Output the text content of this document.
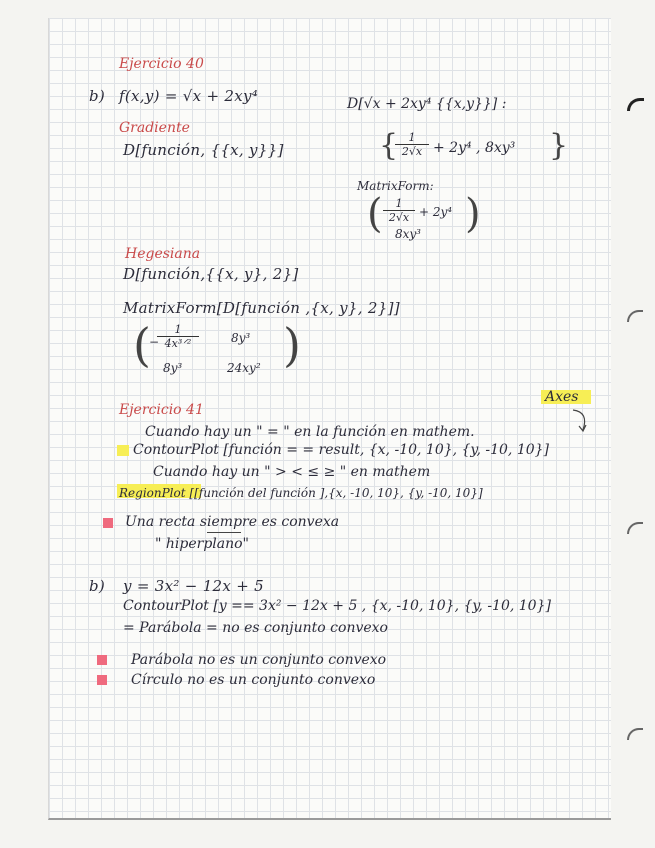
Ejercicio 40
b) f(x,y) = √x + 2xy⁴	D[√x + 2xy⁴ {{x,y}}] :
Gradiente
D[función, {{x, y}}]	{
$\frac{1}{2√x} + 2y^4$ , 8xy³ }
MatrixForm:
( $\frac{1}{2√x} + 2y^4$
8xy³ )
Hegesiana
D[función,{{x, y}, 2}]
MatrixForm[D[función ,{x, y}, 2}]]
(
−
1
4x³ᐟ²	8y³
8y³	24xy² )
Ejercicio 41
Axes
Cuando hay un " = " en la función en mathem.
ContourPlot [función = = result, {x, -10, 10}, {y, -10, 10}]
Cuando hay un " > < ≤ ≥ " en mathem
RegionPlot [[función del función ],{x, -10, 10}, {y, -10, 10}]
Una recta siempre es convexa
" hiperplano"
b) y = 3x² − 12x + 5
ContourPlot [y == 3x² − 12x + 5 , {x, -10, 10}, {y, -10, 10}]
= Parábola = no es conjunto convexo
Parábola no es un conjunto convexo
Círculo no es un conjunto convexo
